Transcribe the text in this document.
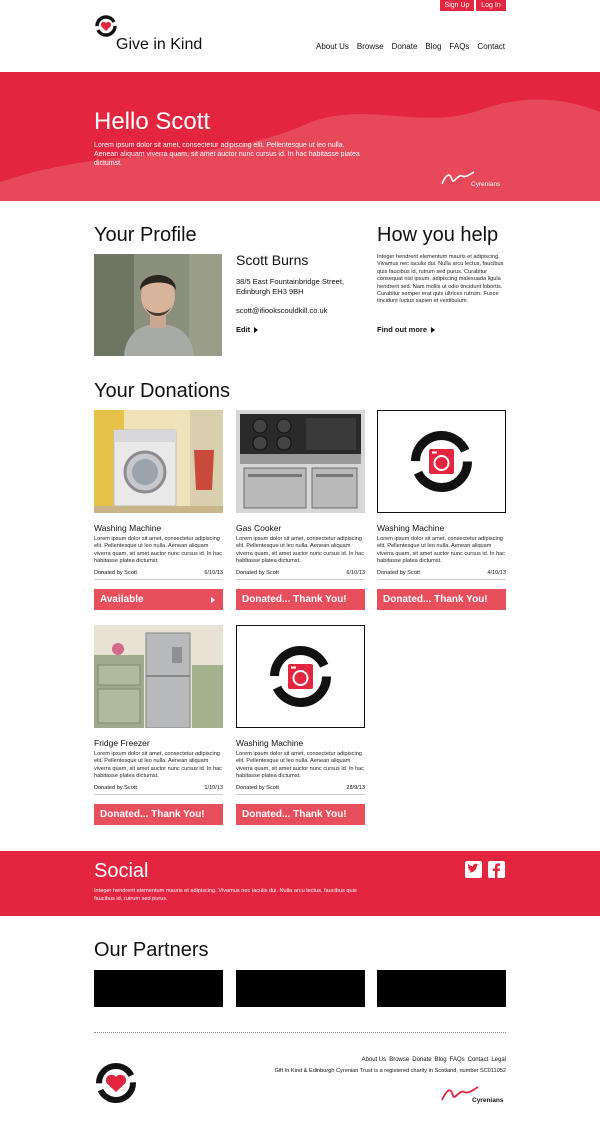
Sign Up	Log In
Give in Kind	About Us Browse Donate Blog FAQs Contact
Hello Scott
Lorem ipsum dolor sit amet, consectetur adipiscing elit. Pellentesque ut leo nulla. Aenean aliquam viverra quam, sit amet auctor nunc cursus id. In hac habitasse platea dictumst.
Cyrenians
Your Profile
Scott Burns
38/5 East Fountainbridge Street, Edinburgh EH3 9BH
scott@ifiookscouldkill.co.uk
Edit
How you help
Integer hendrerit elementum mauris et adipiscing. Vivamus nec iaculis dui. Nulla arcu lectus, faucibus quis faucibus id, rutrum sed purus. Curabitur consequat nisl ipsum, adipiscing malesuada ligula hendrerit sed. Nam mollis ut odio tincidunt lobortis. Curabitur semper erat quis ultrices rutrum. Fusce tincidunt luctus sapien et vestibulum.
Find out more
Your Donations
Washing Machine
Lorem ipsum dolor sit amet, consectetur adipiscing elit. Pellentesque ut leo nulla. Aenean aliquam viverra quam, sit amet auctor nunc cursus id. In hac habitasse platea dictumst.
Donated by Scott	6/10/13
Available
Gas Cooker
Lorem ipsum dolor sit amet, consectetur adipiscing elit. Pellentesque ut leo nulla. Aenean aliquam viverra quam, sit amet auctor nunc cursus id. In hac habitasse platea dictumst.
Donated by Scott	6/10/13
Donated... Thank You!
Washing Machine
Lorem ipsum dolor sit amet, consectetur adipiscing elit. Pellentesque ut leo nulla. Aenean aliquam viverra quam, sit amet auctor nunc cursus id. In hac habitasse platea dictumst.
Donated by Scott	4/10/13
Donated... Thank You!
Fridge Freezer
Lorem ipsum dolor sit amet, consectetur adipiscing elit. Pellentesque ut leo nulla. Aenean aliquam viverra quam, sit amet auctor nunc cursus id. In hac habitasse platea dictumst.
Donated by Scott	1/10/13
Donated... Thank You!
Washing Machine
Lorem ipsum dolor sit amet, consectetur adipiscing elit. Pellentesque ut leo nulla. Aenean aliquam viverra quam, sit amet auctor nunc cursus id. In hac habitasse platea dictumst.
Donated by Scott	28/9/13
Donated... Thank You!
Social
Integer hendrerit elementum mauris et adipiscing. Vivamus nec iaculis dui. Nulla arcu lectus, faucibus quis faucibus id, rutrum sed purus.
Our Partners
About Us Browse Donate Blog FAQs Contact Legal
Gift In Kind & Edinburgh Cyrenian Trust is a registered charity in Scotland, number SC011052
Cyrenians
